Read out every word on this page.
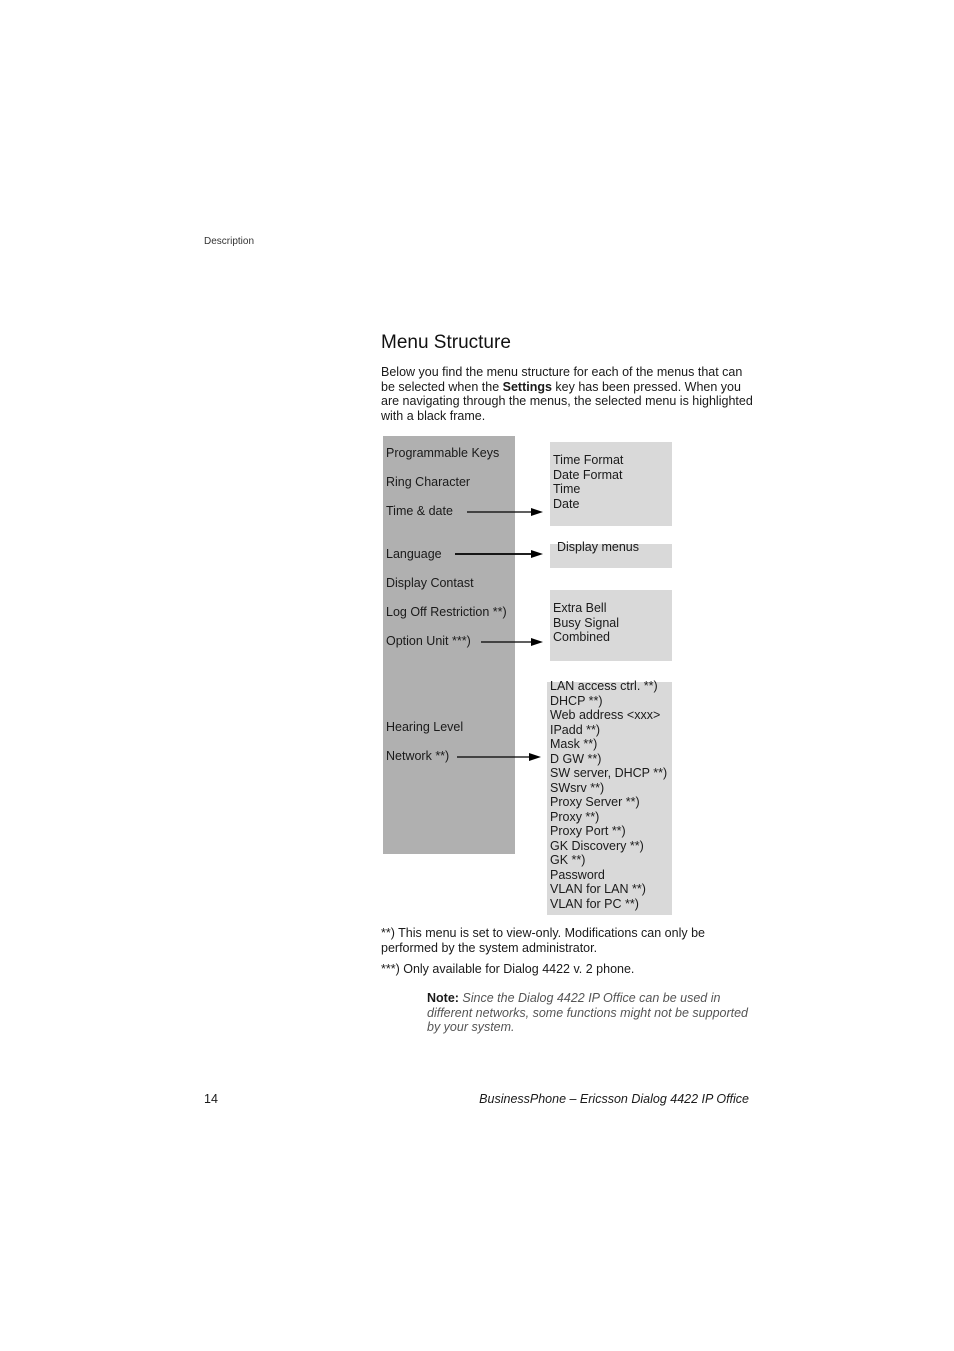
Description
Menu Structure

Below you find the menu structure for each of the menus that can be selected when the Settings key has been pressed. When you are navigating through the menus, the selected menu is highlighted with a black frame.

Programmable Keys
Ring Character
Time & date
Language
Display Contast
Log Off Restriction **)
Option Unit ***)
Hearing Level
Network **)
Time Format
Date Format
Time
Date
Display menus
Extra Bell
Busy Signal
Combined
LAN access ctrl. **)
DHCP **)
Web address <xxx>
IPadd **)
Mask **)
D GW **)
SW server, DHCP **)
SWsrv **)
Proxy Server **)
Proxy **)
Proxy Port **)
GK Discovery **)
GK **)
Password
VLAN for LAN **)
VLAN for PC **)

**) This menu is set to view-only. Modifications can only be performed by the system administrator.

***) Only available for Dialog 4422 v. 2 phone.

Note: Since the Dialog 4422 IP Office can be used in different networks, some functions might not be supported by your system.

14	BusinessPhone – Ericsson Dialog 4422 IP Office
